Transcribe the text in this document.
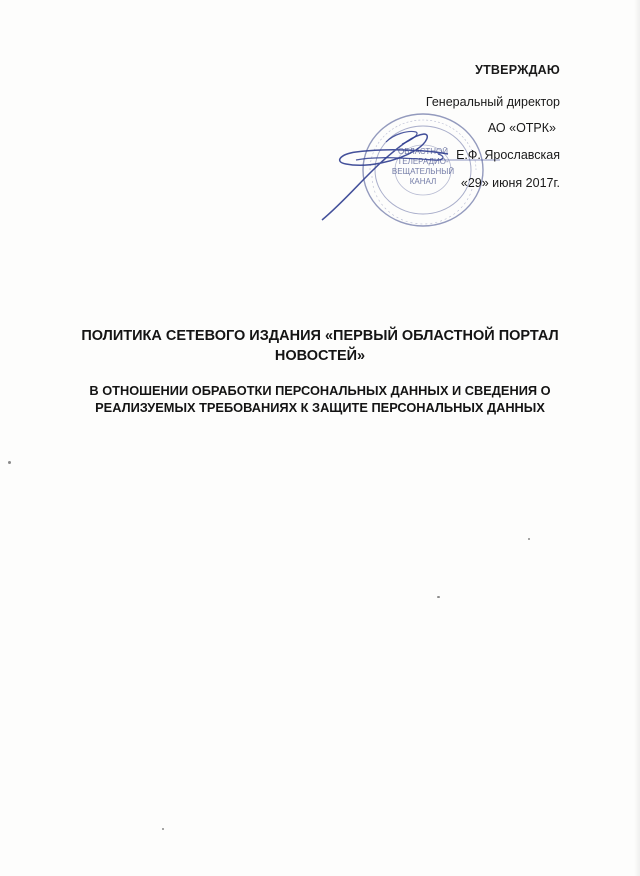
ОБЛАСТНОЙ
ТЕЛЕРАДИО-
ВЕЩАТЕЛЬНЫЙ
КАНАЛ
УТВЕРЖДАЮ
Генеральный директор
АО «ОТРК»
Е.Ф. Ярославская
«29» июня 2017г.
ПОЛИТИКА СЕТЕВОГО ИЗДАНИЯ «ПЕРВЫЙ ОБЛАСТНОЙ ПОРТАЛ
НОВОСТЕЙ»
В ОТНОШЕНИИ ОБРАБОТКИ ПЕРСОНАЛЬНЫХ ДАННЫХ И СВЕДЕНИЯ О
РЕАЛИЗУЕМЫХ ТРЕБОВАНИЯХ К ЗАЩИТЕ ПЕРСОНАЛЬНЫХ ДАННЫХ
